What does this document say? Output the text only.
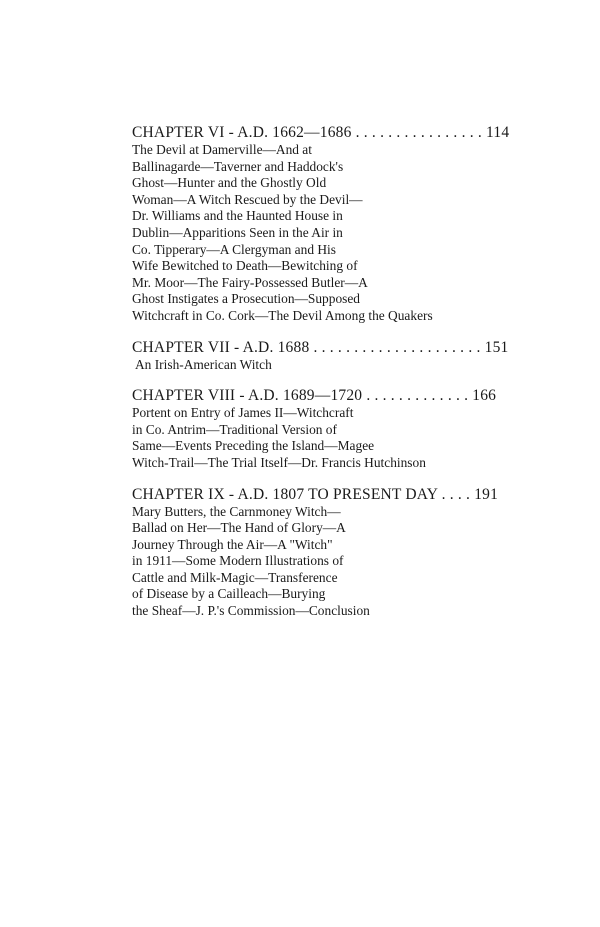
CHAPTER VI - A.D. 1662—1686 . . . . . . . . . . . . . . . . 114
The Devil at Damerville—And at
Ballinagarde—Taverner and Haddock's
Ghost—Hunter and the Ghostly Old
Woman—A Witch Rescued by the Devil—
Dr. Williams and the Haunted House in
Dublin—Apparitions Seen in the Air in
Co. Tipperary—A Clergyman and His
Wife Bewitched to Death—Bewitching of
Mr. Moor—The Fairy-Possessed Butler—A
Ghost Instigates a Prosecution—Supposed
Witchcraft in Co. Cork—The Devil Among the Quakers
CHAPTER VII - A.D. 1688 . . . . . . . . . . . . . . . . . . . . . 151
An Irish-American Witch
CHAPTER VIII - A.D. 1689—1720 . . . . . . . . . . . . . 166
Portent on Entry of James II—Witchcraft
in Co. Antrim—Traditional Version of
Same—Events Preceding the Island—Magee
Witch-Trail—The Trial Itself—Dr. Francis Hutchinson
CHAPTER IX - A.D. 1807 TO PRESENT DAY . . . . 191
Mary Butters, the Carnmoney Witch—
Ballad on Her—The Hand of Glory—A
Journey Through the Air—A "Witch"
in 1911—Some Modern Illustrations of
Cattle and Milk-Magic—Transference
of Disease by a Cailleach—Burying
the Sheaf—J. P.'s Commission—Conclusion
